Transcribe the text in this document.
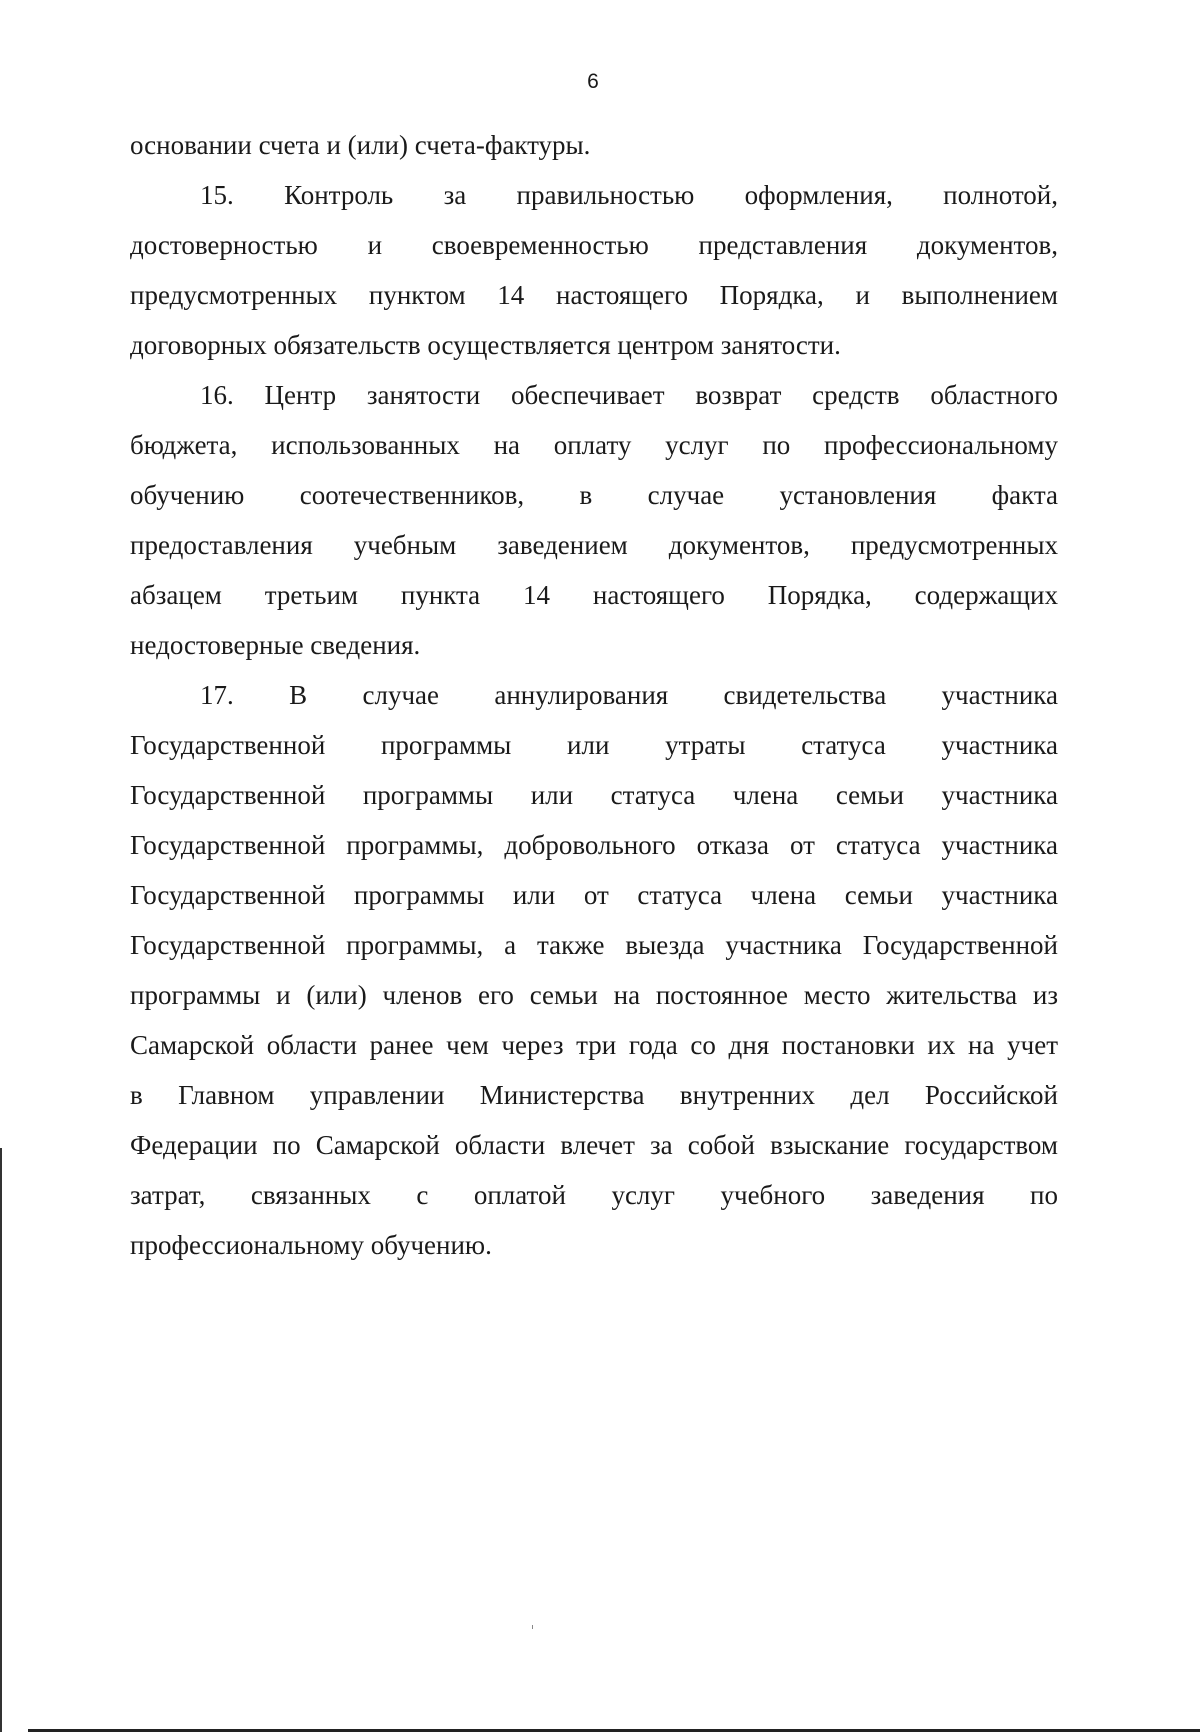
6
основании счета и (или) счета-фактуры.
15. Контроль за правильностью оформления, полнотой,
достоверностью и своевременностью представления документов,
предусмотренных пунктом 14 настоящего Порядка, и выполнением
договорных обязательств осуществляется центром занятости.
16. Центр занятости обеспечивает возврат средств областного
бюджета, использованных на оплату услуг по профессиональному
обучению соотечественников, в случае установления факта
предоставления учебным заведением документов, предусмотренных
абзацем третьим пункта 14 настоящего Порядка, содержащих
недостоверные сведения.
17. В случае аннулирования свидетельства участника
Государственной программы или утраты статуса участника
Государственной программы или статуса члена семьи участника
Государственной программы, добровольного отказа от статуса участника
Государственной программы или от статуса члена семьи участника
Государственной программы, а также выезда участника Государственной
программы и (или) членов его семьи на постоянное место жительства из
Самарской области ранее чем через три года со дня постановки их на учет
в Главном управлении Министерства внутренних дел Российской
Федерации по Самарской области влечет за собой взыскание государством
затрат, связанных с оплатой услуг учебного заведения по
профессиональному обучению.
